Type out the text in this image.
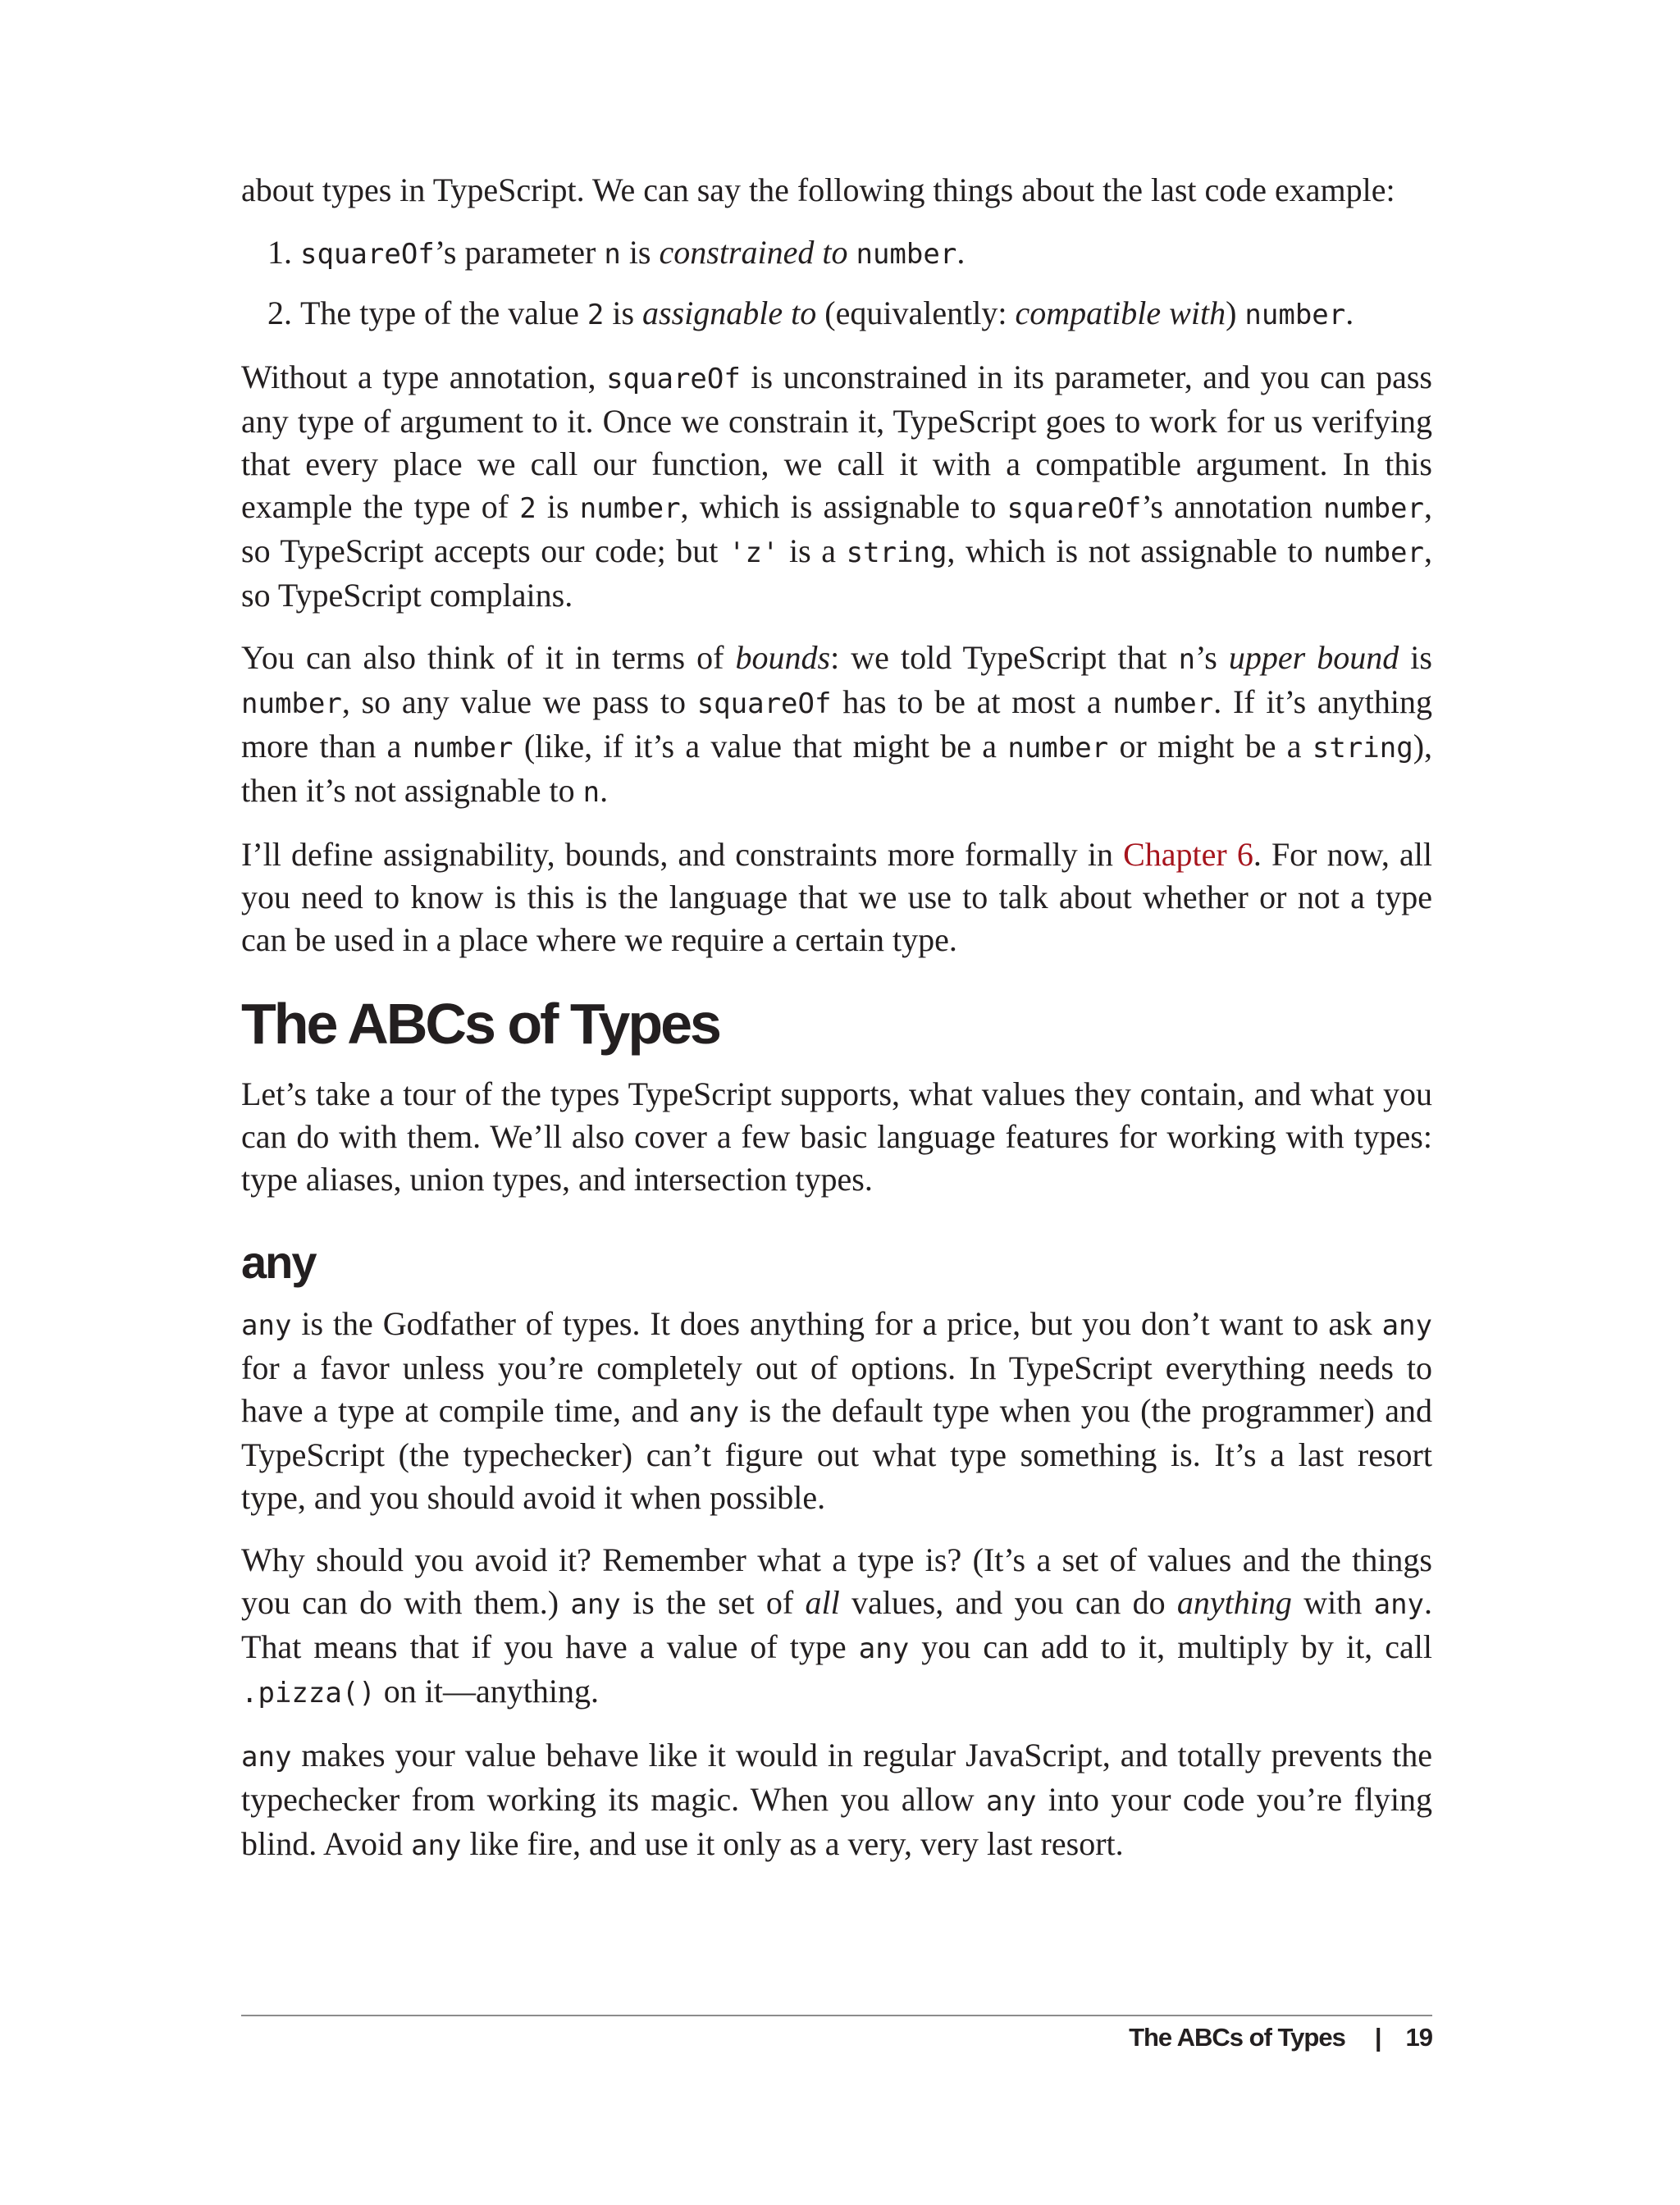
about types in TypeScript. We can say the following things about the last code example:

1. squareOf’s parameter n is constrained to number.
2. The type of the value 2 is assignable to (equivalently: compatible with) number.

Without a type annotation, squareOf is unconstrained in its parameter, and you can pass any type of argument to it. Once we constrain it, TypeScript goes to work for us verifying that every place we call our function, we call it with a compatible argument. In this example the type of 2 is number, which is assignable to squareOf’s annotation number, so TypeScript accepts our code; but 'z' is a string, which is not assignable to number, so TypeScript complains.

You can also think of it in terms of bounds: we told TypeScript that n’s upper bound is number, so any value we pass to squareOf has to be at most a number. If it’s anything more than a number (like, if it’s a value that might be a number or might be a string), then it’s not assignable to n.

I’ll define assignability, bounds, and constraints more formally in Chapter 6. For now, all you need to know is this is the language that we use to talk about whether or not a type can be used in a place where we require a certain type.

The ABCs of Types

Let’s take a tour of the types TypeScript supports, what values they contain, and what you can do with them. We’ll also cover a few basic language features for working with types: type aliases, union types, and intersection types.

any

any is the Godfather of types. It does anything for a price, but you don’t want to ask any for a favor unless you’re completely out of options. In TypeScript everything needs to have a type at compile time, and any is the default type when you (the programmer) and TypeScript (the typechecker) can’t figure out what type something is. It’s a last resort type, and you should avoid it when possible.

Why should you avoid it? Remember what a type is? (It’s a set of values and the things you can do with them.) any is the set of all values, and you can do anything with any. That means that if you have a value of type any you can add to it, multiply by it, call .pizza() on it—anything.

any makes your value behave like it would in regular JavaScript, and totally prevents the typechecker from working its magic. When you allow any into your code you’re flying blind. Avoid any like fire, and use it only as a very, very last resort.

The ABCs of Types | 19
